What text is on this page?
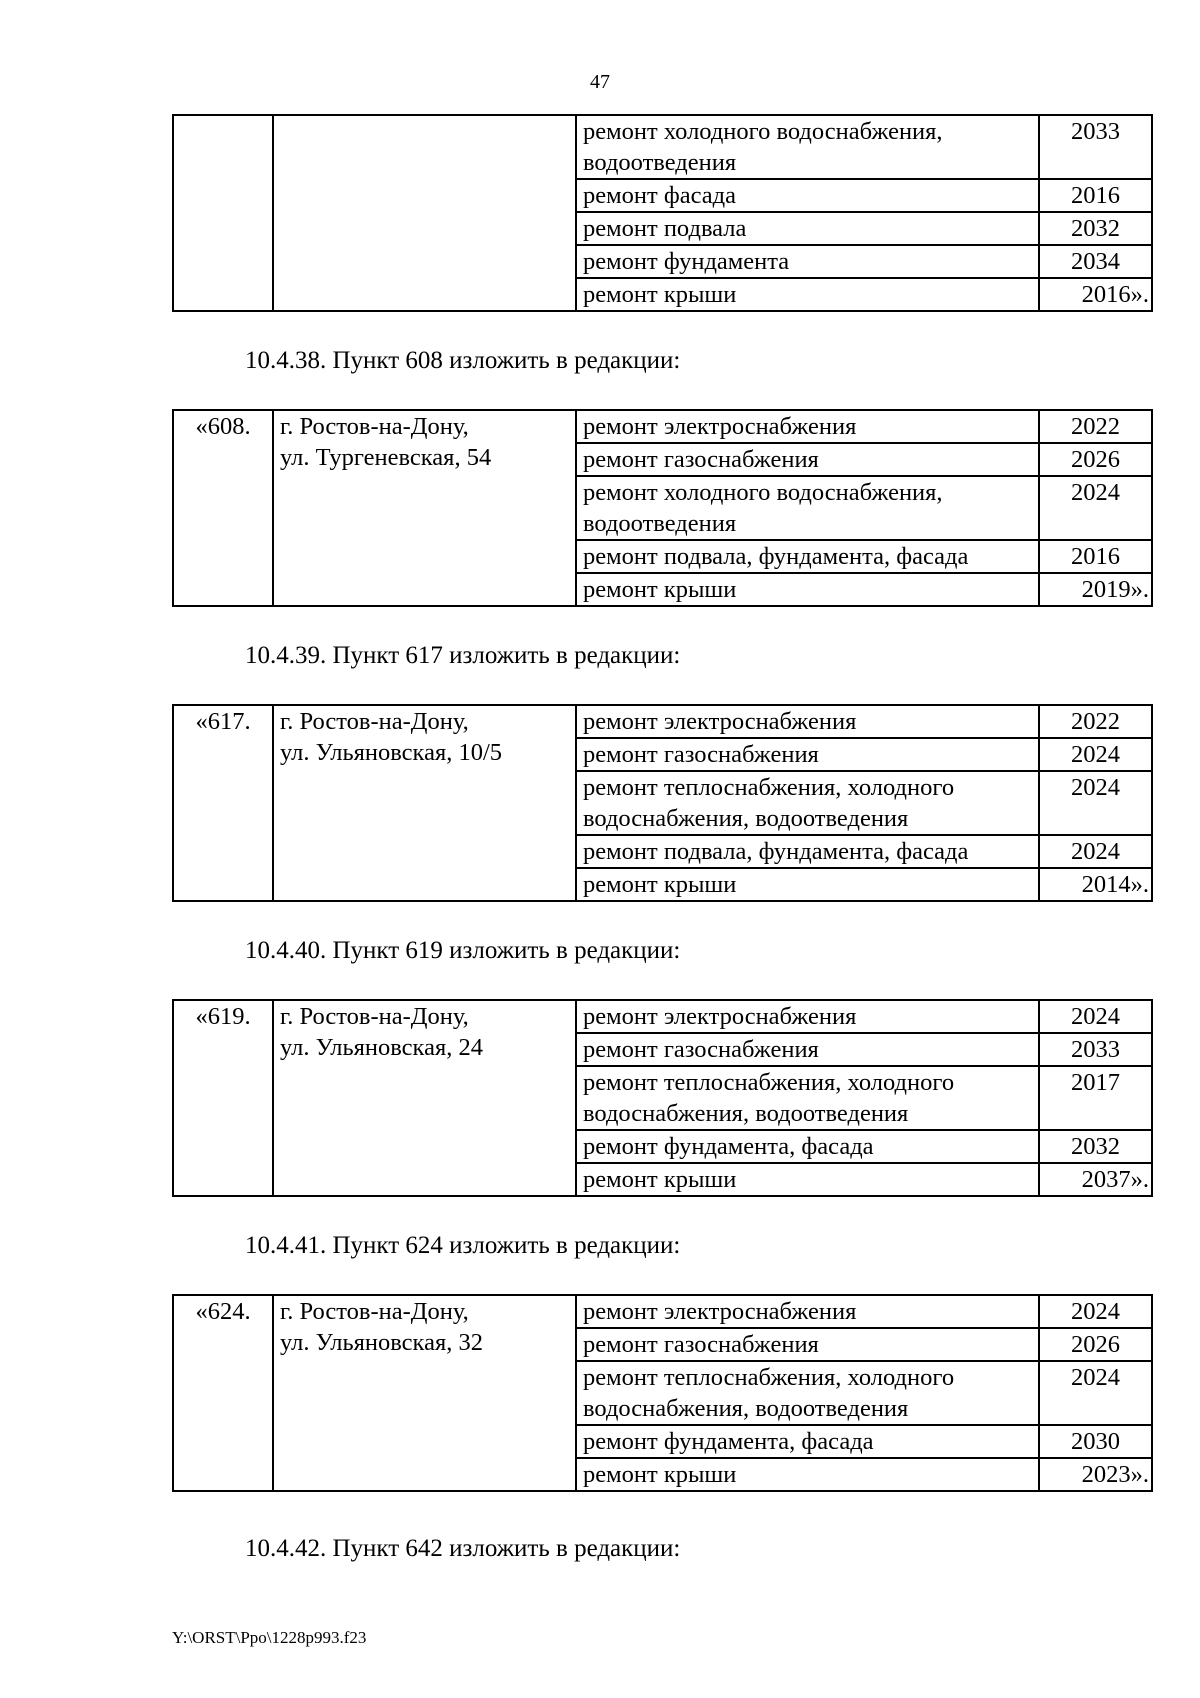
47
		ремонт холодного водоснабжения,
водоотведения	2033
		ремонт фасада	2016
		ремонт подвала	2032
		ремонт фундамента	2034
		ремонт крыши	2016».
10.4.38. Пункт 608 изложить в редакции:
«608.	г. Ростов-на-Дону,
ул. Тургеневская, 54	ремонт электроснабжения	2022
		ремонт газоснабжения	2026
		ремонт холодного водоснабжения,
водоотведения	2024
		ремонт подвала, фундамента, фасада	2016
		ремонт крыши	2019».
10.4.39. Пункт 617 изложить в редакции:
«617.	г. Ростов-на-Дону,
ул. Ульяновская, 10/5	ремонт электроснабжения	2022
		ремонт газоснабжения	2024
		ремонт теплоснабжения, холодного
водоснабжения, водоотведения	2024
		ремонт подвала, фундамента, фасада	2024
		ремонт крыши	2014».
10.4.40. Пункт 619 изложить в редакции:
«619.	г. Ростов-на-Дону,
ул. Ульяновская, 24	ремонт электроснабжения	2024
		ремонт газоснабжения	2033
		ремонт теплоснабжения, холодного
водоснабжения, водоотведения	2017
		ремонт фундамента, фасада	2032
		ремонт крыши	2037».
10.4.41. Пункт 624 изложить в редакции:
«624.	г. Ростов-на-Дону,
ул. Ульяновская, 32	ремонт электроснабжения	2024
		ремонт газоснабжения	2026
		ремонт теплоснабжения, холодного
водоснабжения, водоотведения	2024
		ремонт фундамента, фасада	2030
		ремонт крыши	2023».
10.4.42. Пункт 642 изложить в редакции:
Y:\ORST\Ppo\1228p993.f23
